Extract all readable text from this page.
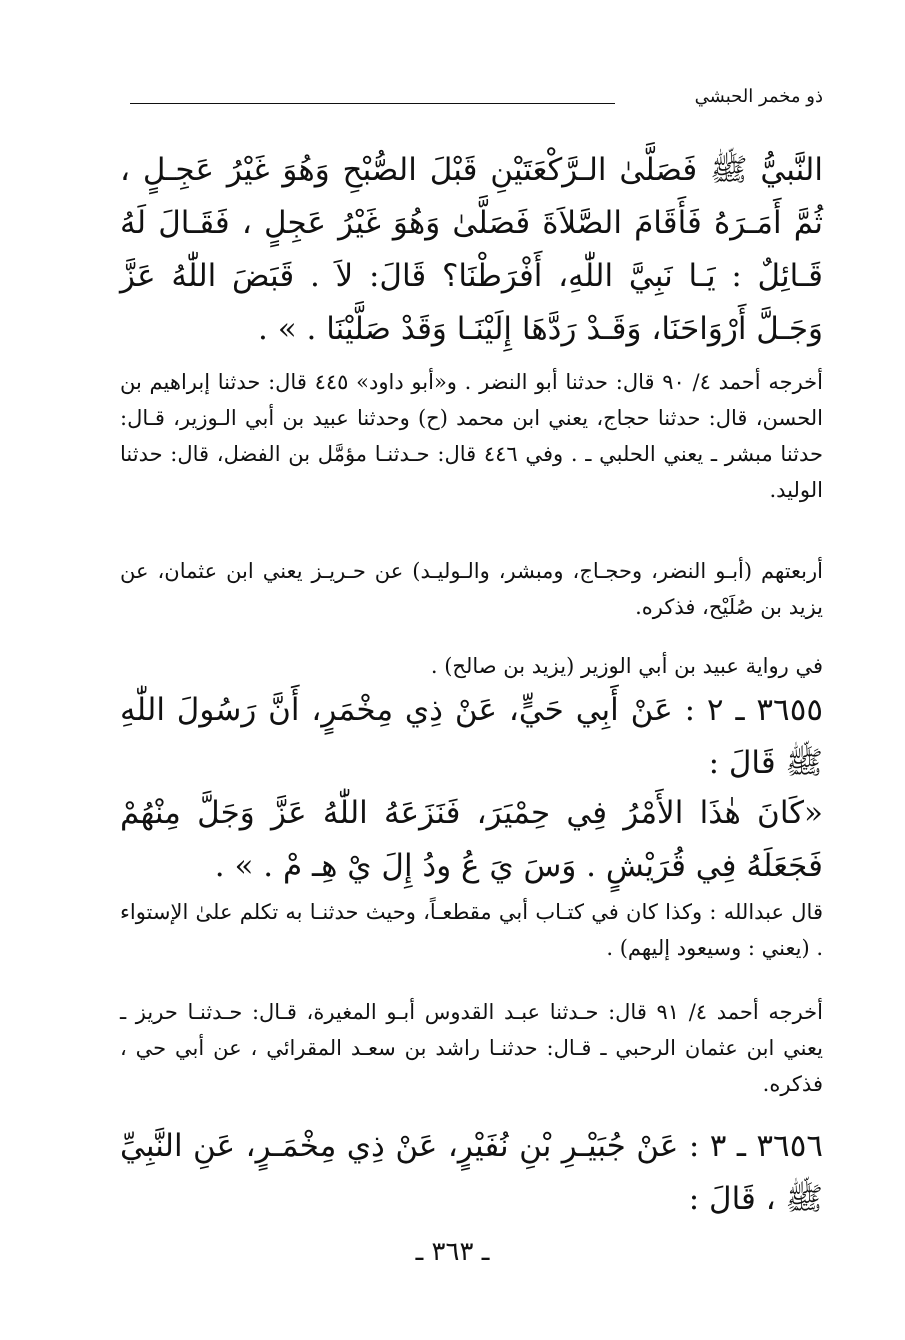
ذو مخمر الحبشي

النَّبيُّ ﷺ فَصَلَّىٰ الـرَّكْعَتَيْنِ قَبْلَ الصُّبْحِ وَهُوَ غَيْرُ عَجِـلٍ ، ثُمَّ أَمَـرَهُ فَأَقَامَ الصَّلاَةَ فَصَلَّىٰ وَهُوَ غَيْرُ عَجِلٍ ، فَقَـالَ لَهُ قَـائِلٌ : يَـا نَبِيَّ اللّٰهِ، أَفْرَطْنَا؟ قَالَ: لاَ . قَبَضَ اللّٰهُ عَزَّ وَجَـلَّ أَرْوَاحَنَا، وَقَـدْ رَدَّهَا إِلَيْنَـا وَقَدْ صَلَّيْنَا . » .

أخرجه أحمد ٤/ ٩٠ قال: حدثنا أبو النضر . و«أبو داود» ٤٤٥ قال: حدثنا إبراهيم بن الحسن، قال: حدثنا حجاج، يعني ابن محمد (ح) وحدثنا عبيد بن أبي الـوزير، قـال: حدثنا مبشر ـ يعني الحلبي ـ . وفي ٤٤٦ قال: حـدثنـا مؤمَّل بن الفضل، قال: حدثنا الوليد.

أربعتهم (أبـو النضر، وحجـاج، ومبشر، والـوليـد) عن حـريـز يعني ابن عثمان، عن يزيد بن صُلَيْح، فذكره.

في رواية عبيد بن أبي الوزير (يزيد بن صالح) .

٣٦٥٥ ـ ٢ : عَنْ أَبِي حَيٍّ، عَنْ ذِي مِخْمَرٍ، أَنَّ رَسُولَ اللّٰهِ ﷺ قَالَ :

«كَانَ هٰذَا الأَمْرُ فِي حِمْيَرَ، فَنَزَعَهُ اللّٰهُ عَزَّ وَجَلَّ مِنْهُمْ فَجَعَلَهُ فِي قُرَيْشٍ . وَسَ يَ عُ ودُ إِلَ يْ هِـ مْ . » .

قال عبدالله : وكذا كان في كتـاب أبي مقطعـاً، وحيث حدثنـا به تكلم علىٰ الإستواء . (يعني : وسيعود إليهم) .

أخرجه أحمد ٤/ ٩١ قال: حـدثنا عبـد القدوس أبـو المغيرة، قـال: حـدثنـا حريز ـ يعني ابن عثمان الرحبي ـ قـال: حدثنـا راشد بن سعـد المقرائي ، عن أبي حي ، فذكره.

٣٦٥٦ ـ ٣ : عَنْ جُبَيْـرِ بْنِ نُفَيْرٍ، عَنْ ذِي مِخْمَـرٍ، عَنِ النَّبِيِّ ﷺ ، قَالَ :

ـ ٣٦٣ ـ
